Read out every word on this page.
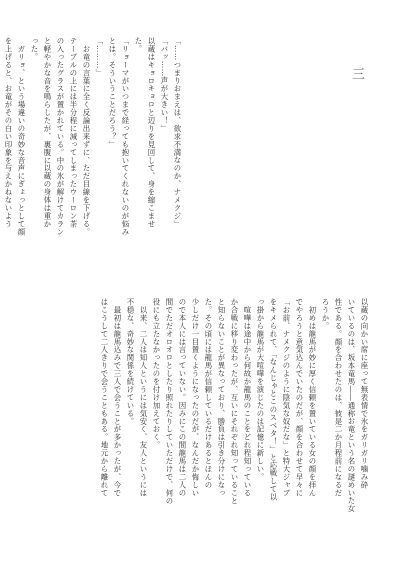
三
「……つまりおまえは、欲求不満なのか、ナメクジ」
「バッ……声が大きい！」
以蔵はキョロキョロと辺りを見回して、身を縮こませ
た。
「リョーマがいつまで経っても抱いてくれないのが悩み
とは。そういうことだろう？」
「………」
　お竜の言葉に全く反論出来ずに、ただ目線を下げる。
テーブルの上には半分程に減ってしまったウーロン茶
の入ったグラスが置かれている。中の氷が解けてカラン
と軽やかな音を鳴らしたが、裏腹に以蔵の身体は重か
った。
　ガリョ、という場違いの奇妙な音声にぎょっとして顔
を上げると、お竜がその白い印象を与えかねないよう
以蔵の向かい席に座って無表情で氷をガリガリ噛み砕
いているのは、坂本竜馬――通称お竜という名の謎めいた女
性である。顔を合わせたのは、彼是二か月程前になるだ
ろうか。
　初めは龍馬が妙に厚く信頼を置いている女の顔を拝ん
でやろうと意気込んでいたのだが、顔を合わせて早々に
「お前、ナメクジのように陰気な奴だな」と特大ジャブ
をキメられて、「なんじゃとこのスベタ！」と応戦して以
っ掛から龍馬が大喧嘩を演じたのは記憶に新しい。
　喧嘩は途中から何故か龍馬のことをどれ程知っている
か合戦に移り変わったが、互いにそれぞれ知っていること
と知らないことが異なっており、勝負は引き分けになっ
た。その頃には龍馬が信頼しているだけあるとほんの
少しだけ一目置くようになったのだが、なんだか悔しい
ので本人には言っていない。因みにこの間龍馬は二人の
間でただオロオロとしたり照れたりしていただけで、何の
役にも立たなかったのを付け加えておく。
　以来、二人は知人というには気安く、友人というには
不穏な、奇妙な関係を続けている。
　最初は龍馬込みで三人で会うことが多かったが、今で
はこうして二人きりで会うこともある。地元から離れて
